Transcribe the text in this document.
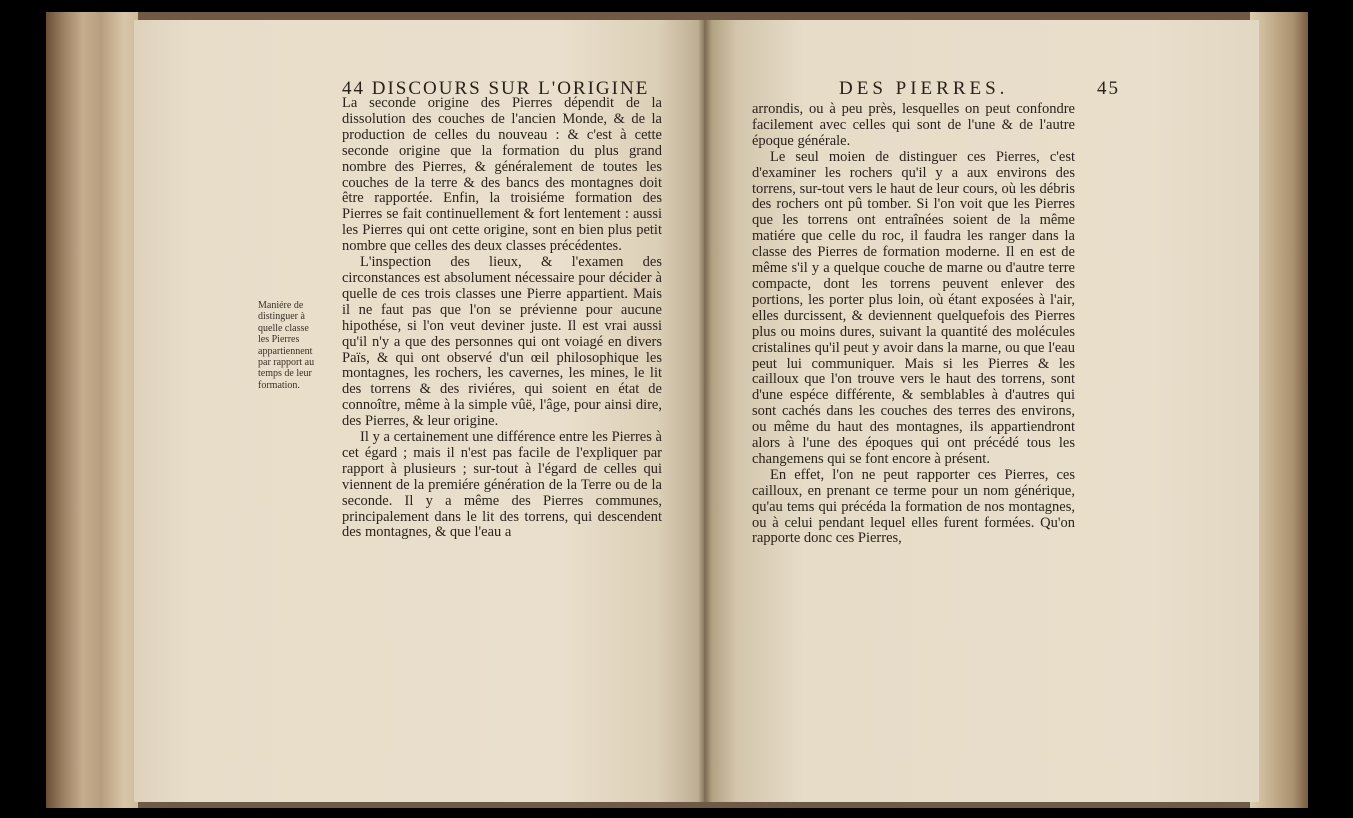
44 DISCOURS SUR L'ORIGINE
Maniére de distinguer à quelle classe les Pierres appartiennent par rapport au temps de leur formation.

La seconde origine des Pierres dépendit de la dissolution des couches de l'ancien Monde, & de la production de celles du nouveau : & c'est à cette seconde origine que la formation du plus grand nombre des Pierres, & généralement de toutes les couches de la terre & des bancs des montagnes doit être rapportée. Enfin, la troisiéme formation des Pierres se fait continuellement & fort lentement : aussi les Pierres qui ont cette origine, sont en bien plus petit nombre que celles des deux classes précédentes.

L'inspection des lieux, & l'examen des circonstances est absolument nécessaire pour décider à quelle de ces trois classes une Pierre appartient. Mais il ne faut pas que l'on se prévienne pour aucune hipothése, si l'on veut deviner juste. Il est vrai aussi qu'il n'y a que des personnes qui ont voiagé en divers Païs, & qui ont observé d'un œil philosophique les montagnes, les rochers, les cavernes, les mines, le lit des torrens & des riviéres, qui soient en état de connoître, même à la simple vûë, l'âge, pour ainsi dire, des Pierres, & leur origine.

Il y a certainement une différence entre les Pierres à cet égard ; mais il n'est pas facile de l'expliquer par rapport à plusieurs ; sur-tout à l'égard de celles qui viennent de la premiére génération de la Terre ou de la seconde. Il y a même des Pierres communes, principalement dans le lit des torrens, qui descendent des montagnes, & que l'eau a

DES PIERRES.	45

arrondis, ou à peu près, lesquelles on peut confondre facilement avec celles qui sont de l'une & de l'autre époque générale.

Le seul moien de distinguer ces Pierres, c'est d'examiner les rochers qu'il y a aux environs des torrens, sur-tout vers le haut de leur cours, où les débris des rochers ont pû tomber. Si l'on voit que les Pierres que les torrens ont entraînées soient de la même matiére que celle du roc, il faudra les ranger dans la classe des Pierres de formation moderne. Il en est de même s'il y a quelque couche de marne ou d'autre terre compacte, dont les torrens peuvent enlever des portions, les porter plus loin, où étant exposées à l'air, elles durcissent, & deviennent quelquefois des Pierres plus ou moins dures, suivant la quantité des molécules cristalines qu'il peut y avoir dans la marne, ou que l'eau peut lui communiquer. Mais si les Pierres & les cailloux que l'on trouve vers le haut des torrens, sont d'une espéce différente, & semblables à d'autres qui sont cachés dans les couches des terres des environs, ou même du haut des montagnes, ils appartiendront alors à l'une des époques qui ont précédé tous les changemens qui se font encore à présent.

En effet, l'on ne peut rapporter ces Pierres, ces cailloux, en prenant ce terme pour un nom générique, qu'au tems qui précéda la formation de nos montagnes, ou à celui pendant lequel elles furent formées. Qu'on rapporte donc ces Pierres,
